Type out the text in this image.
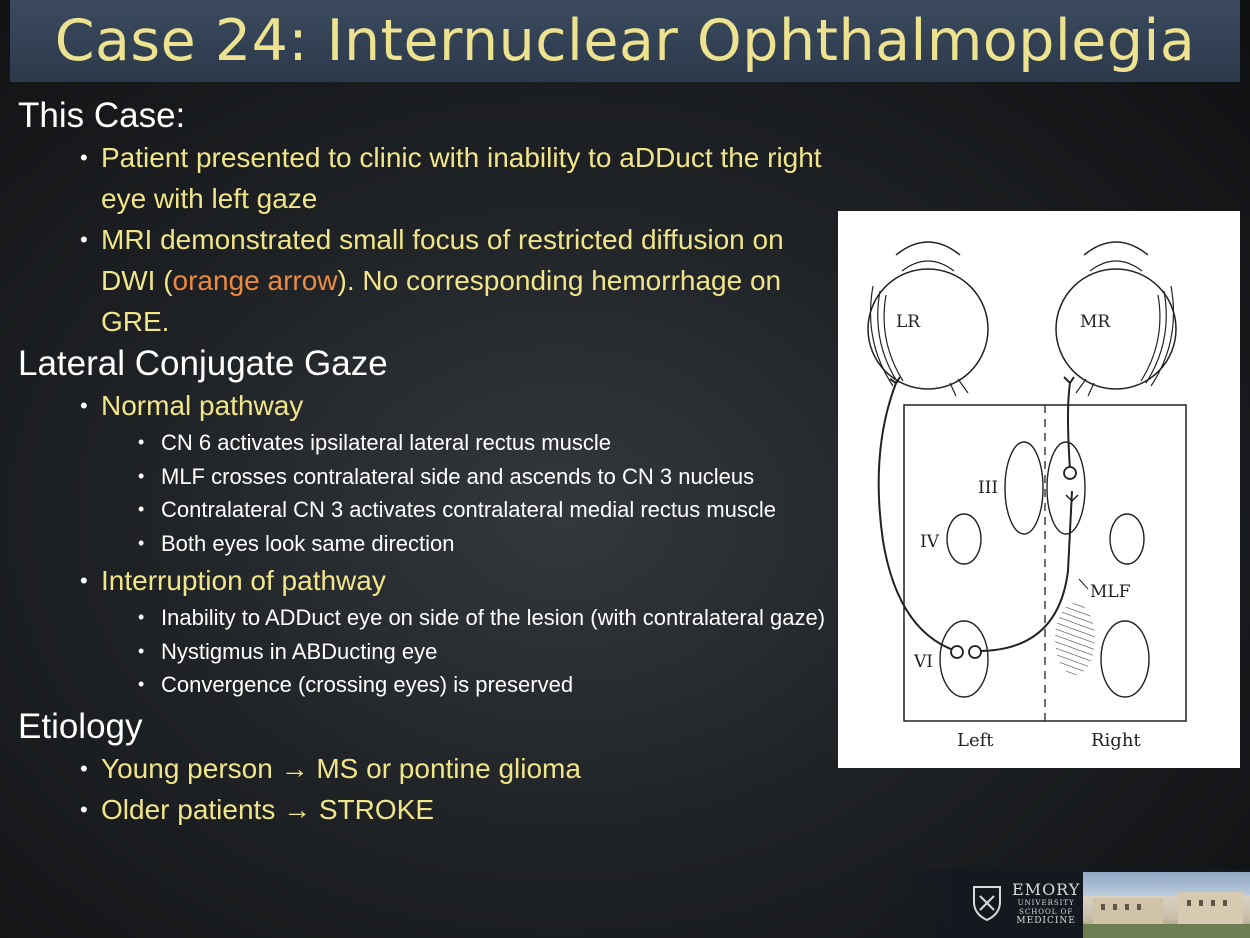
Case 24: Internuclear Ophthalmoplegia
This Case:
• Patient presented to clinic with inability to aDDuct the right eye with left gaze
• MRI demonstrated small focus of restricted diffusion on DWI (orange arrow). No corresponding hemorrhage on GRE.
Lateral Conjugate Gaze
• Normal pathway
• CN 6 activates ipsilateral lateral rectus muscle
• MLF crosses contralateral side and ascends to CN 3 nucleus
• Contralateral CN 3 activates contralateral medial rectus muscle
• Both eyes look same direction
• Interruption of pathway
• Inability to ADDuct eye on side of the lesion (with contralateral gaze)
• Nystigmus in ABDucting eye
• Convergence (crossing eyes) is preserved
Etiology
• Young person → MS or pontine glioma
• Older patients → STROKE
LR	MR
III
IV
VI
MLF
Left	Right
EMORY
UNIVERSITY
SCHOOL OF
MEDICINE
